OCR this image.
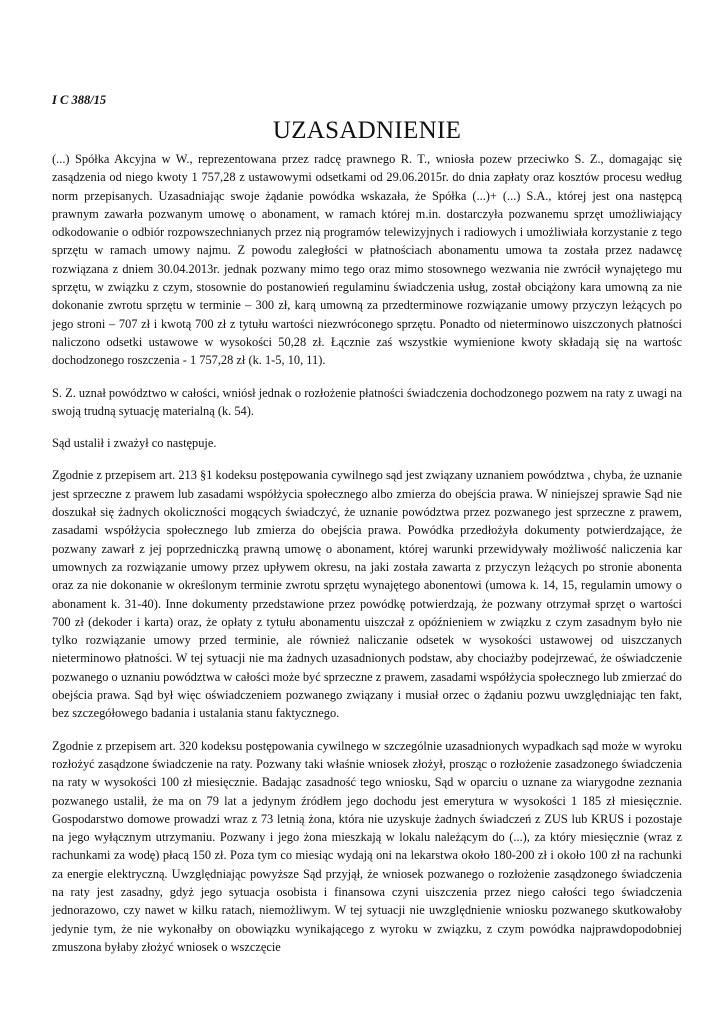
I C 388/15
UZASADNIENIE

(...) Spółka Akcyjna w W., reprezentowana przez radcę prawnego R. T., wniosła pozew przeciwko S. Z., domagając się zasądzenia od niego kwoty 1 757,28 z ustawowymi odsetkami od 29.06.2015r. do dnia zapłaty oraz kosztów procesu według norm przepisanych. Uzasadniając swoje żądanie powódka wskazała, że Spółka (...)+ (...) S.A., której jest ona następcą prawnym zawarła pozwanym umowę o abonament, w ramach której m.in. dostarczyła pozwanemu sprzęt umożliwiający odkodowanie o odbiór rozpowszechnianych przez nią programów telewizyjnych i radiowych i umożliwiała korzystanie z tego sprzętu w ramach umowy najmu. Z powodu zaległości w płatnościach abonamentu umowa ta została przez nadawcę rozwiązana z dniem 30.04.2013r. jednak pozwany mimo tego oraz mimo stosownego wezwania nie zwrócił wynajętego mu sprzętu, w związku z czym, stosownie do postanowień regulaminu świadczenia usług, został obciążony kara umowną za nie dokonanie zwrotu sprzętu w terminie – 300 zł, karą umowną za przedterminowe rozwiązanie umowy przyczyn leżących po jego stroni – 707 zł i kwotą 700 zł z tytułu wartości niezwróconego sprzętu. Ponadto od nieterminowo uiszczonych płatności naliczono odsetki ustawowe w wysokości 50,28 zł. Łącznie zaś wszystkie wymienione kwoty składają się na wartośc dochodzonego roszczenia - 1 757,28 zł (k. 1-5, 10, 11).

S. Z. uznał powództwo w całości, wniósł jednak o rozłożenie płatności świadczenia dochodzonego pozwem na raty z uwagi na swoją trudną sytuację materialną (k. 54).

Sąd ustalił i zważył co następuje.

Zgodnie z przepisem art. 213 §1 kodeksu postępowania cywilnego sąd jest związany uznaniem powództwa , chyba, że uznanie jest sprzeczne z prawem lub zasadami współżycia społecznego albo zmierza do obejścia prawa. W niniejszej sprawie Sąd nie doszukał się żadnych okoliczności mogących świadczyć, że uznanie powództwa przez pozwanego jest sprzeczne z prawem, zasadami współżycia społecznego lub zmierza do obejścia prawa. Powódka przedłożyła dokumenty potwierdzające, że pozwany zawarł z jej poprzedniczką prawną umowę o abonament, której warunki przewidywały możliwość naliczenia kar umownych za rozwiązanie umowy przez upływem okresu, na jaki została zawarta z przyczyn leżących po stronie abonenta oraz za nie dokonanie w określonym terminie zwrotu sprzętu wynajętego abonentowi (umowa k. 14, 15, regulamin umowy o abonament k. 31-40). Inne dokumenty przedstawione przez powódkę potwierdzają, że pozwany otrzymał sprzęt o wartości 700 zł (dekoder i karta) oraz, że opłaty z tytułu abonamentu uiszczał z opóźnieniem w związku z czym zasadnym było nie tylko rozwiązanie umowy przed terminie, ale również naliczanie odsetek w wysokości ustawowej od uiszczanych nieterminowo płatności. W tej sytuacji nie ma żadnych uzasadnionych podstaw, aby chociażby podejrzewać, że oświadczenie pozwanego o uznaniu powództwa w całości może być sprzeczne z prawem, zasadami współżycia społecznego lub zmierzać do obejścia prawa. Sąd był więc oświadczeniem pozwanego związany i musiał orzec o żądaniu pozwu uwzględniając ten fakt, bez szczegółowego badania i ustalania stanu faktycznego.

Zgodnie z przepisem art. 320 kodeksu postępowania cywilnego w szczególnie uzasadnionych wypadkach sąd może w wyroku rozłożyć zasądzone świadczenie na raty. Pozwany taki właśnie wniosek złożył, prosząc o rozłożenie zasadzonego świadczenia na raty w wysokości 100 zł miesięcznie. Badając zasadność tego wniosku, Sąd w oparciu o uznane za wiarygodne zeznania pozwanego ustalił, że ma on 79 lat a jedynym źródłem jego dochodu jest emerytura w wysokości 1 185 zł miesięcznie. Gospodarstwo domowe prowadzi wraz z 73 letnią żona, która nie uzyskuje żadnych świadczeń z ZUS lub KRUS i pozostaje na jego wyłącznym utrzymaniu. Pozwany i jego żona mieszkają w lokalu należącym do (...), za który miesięcznie (wraz z rachunkami za wodę) płacą 150 zł. Poza tym co miesiąc wydają oni na lekarstwa około 180-200 zł i około 100 zł na rachunki za energie elektryczną. Uwzględniając powyższe Sąd przyjął, że wniosek pozwanego o rozłożenie zasądzonego świadczenia na raty jest zasadny, gdyż jego sytuacja osobista i finansowa czyni uiszczenia przez niego całości tego świadczenia jednorazowo, czy nawet w kilku ratach, niemożliwym. W tej sytuacji nie uwzględnienie wniosku pozwanego skutkowałoby jedynie tym, że nie wykonałby on obowiązku wynikającego z wyroku w związku, z czym powódka najprawdopodobniej zmuszona byłaby złożyć wniosek o wszczęcie
